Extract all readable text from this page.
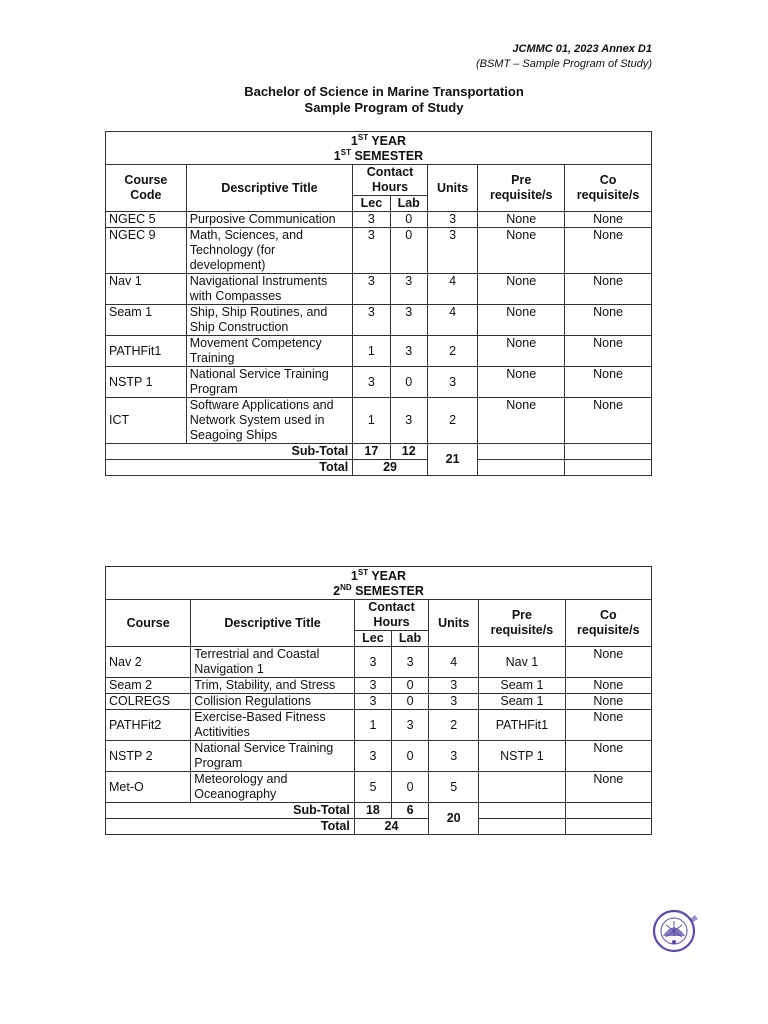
JCMMC 01, 2023 Annex D1
(BSMT – Sample Program of Study)
Bachelor of Science in Marine Transportation
Sample Program of Study
1ST YEAR
1ST SEMESTER						

Course Code	Descriptive Title	Contact Hours		Units	Pre requisite/s	Co requisite/s
		Lec	Lab			
NGEC 5	Purposive Communication	3	0	3	None	None
NGEC 9	Math, Sciences, and Technology (for development)	3	0	3	None	None
Nav 1	Navigational Instruments with Compasses	3	3	4	None	None
Seam 1	Ship, Ship Routines, and Ship Construction	3	3	4	None	None
PATHFit1	Movement Competency Training	1	3	2	None	None
NSTP 1	National Service Training Program	3	0	3	None	None
ICT	Software Applications and Network System used in Seagoing Ships	1	3	2	None	None
Sub-Total		17	12	21		
Total		29				
1ST YEAR
2ND SEMESTER						

Course	Descriptive Title	Contact Hours		Units	Pre requisite/s	Co requisite/s
		Lec	Lab			
Nav 2	Terrestrial and Coastal Navigation 1	3	3	4	Nav 1	None
Seam 2	Trim, Stability, and Stress	3	0	3	Seam 1	None
COLREGS	Collision Regulations	3	0	3	Seam 1	None
PATHFit2	Exercise-Based Fitness Actitivities	1	3	2	PATHFit1	None
NSTP 2	National Service Training Program	3	0	3	NSTP 1	None
Met-O	Meteorology and Oceanography	5	0	5		None
Sub-Total		18	6	20		
Total		24				
